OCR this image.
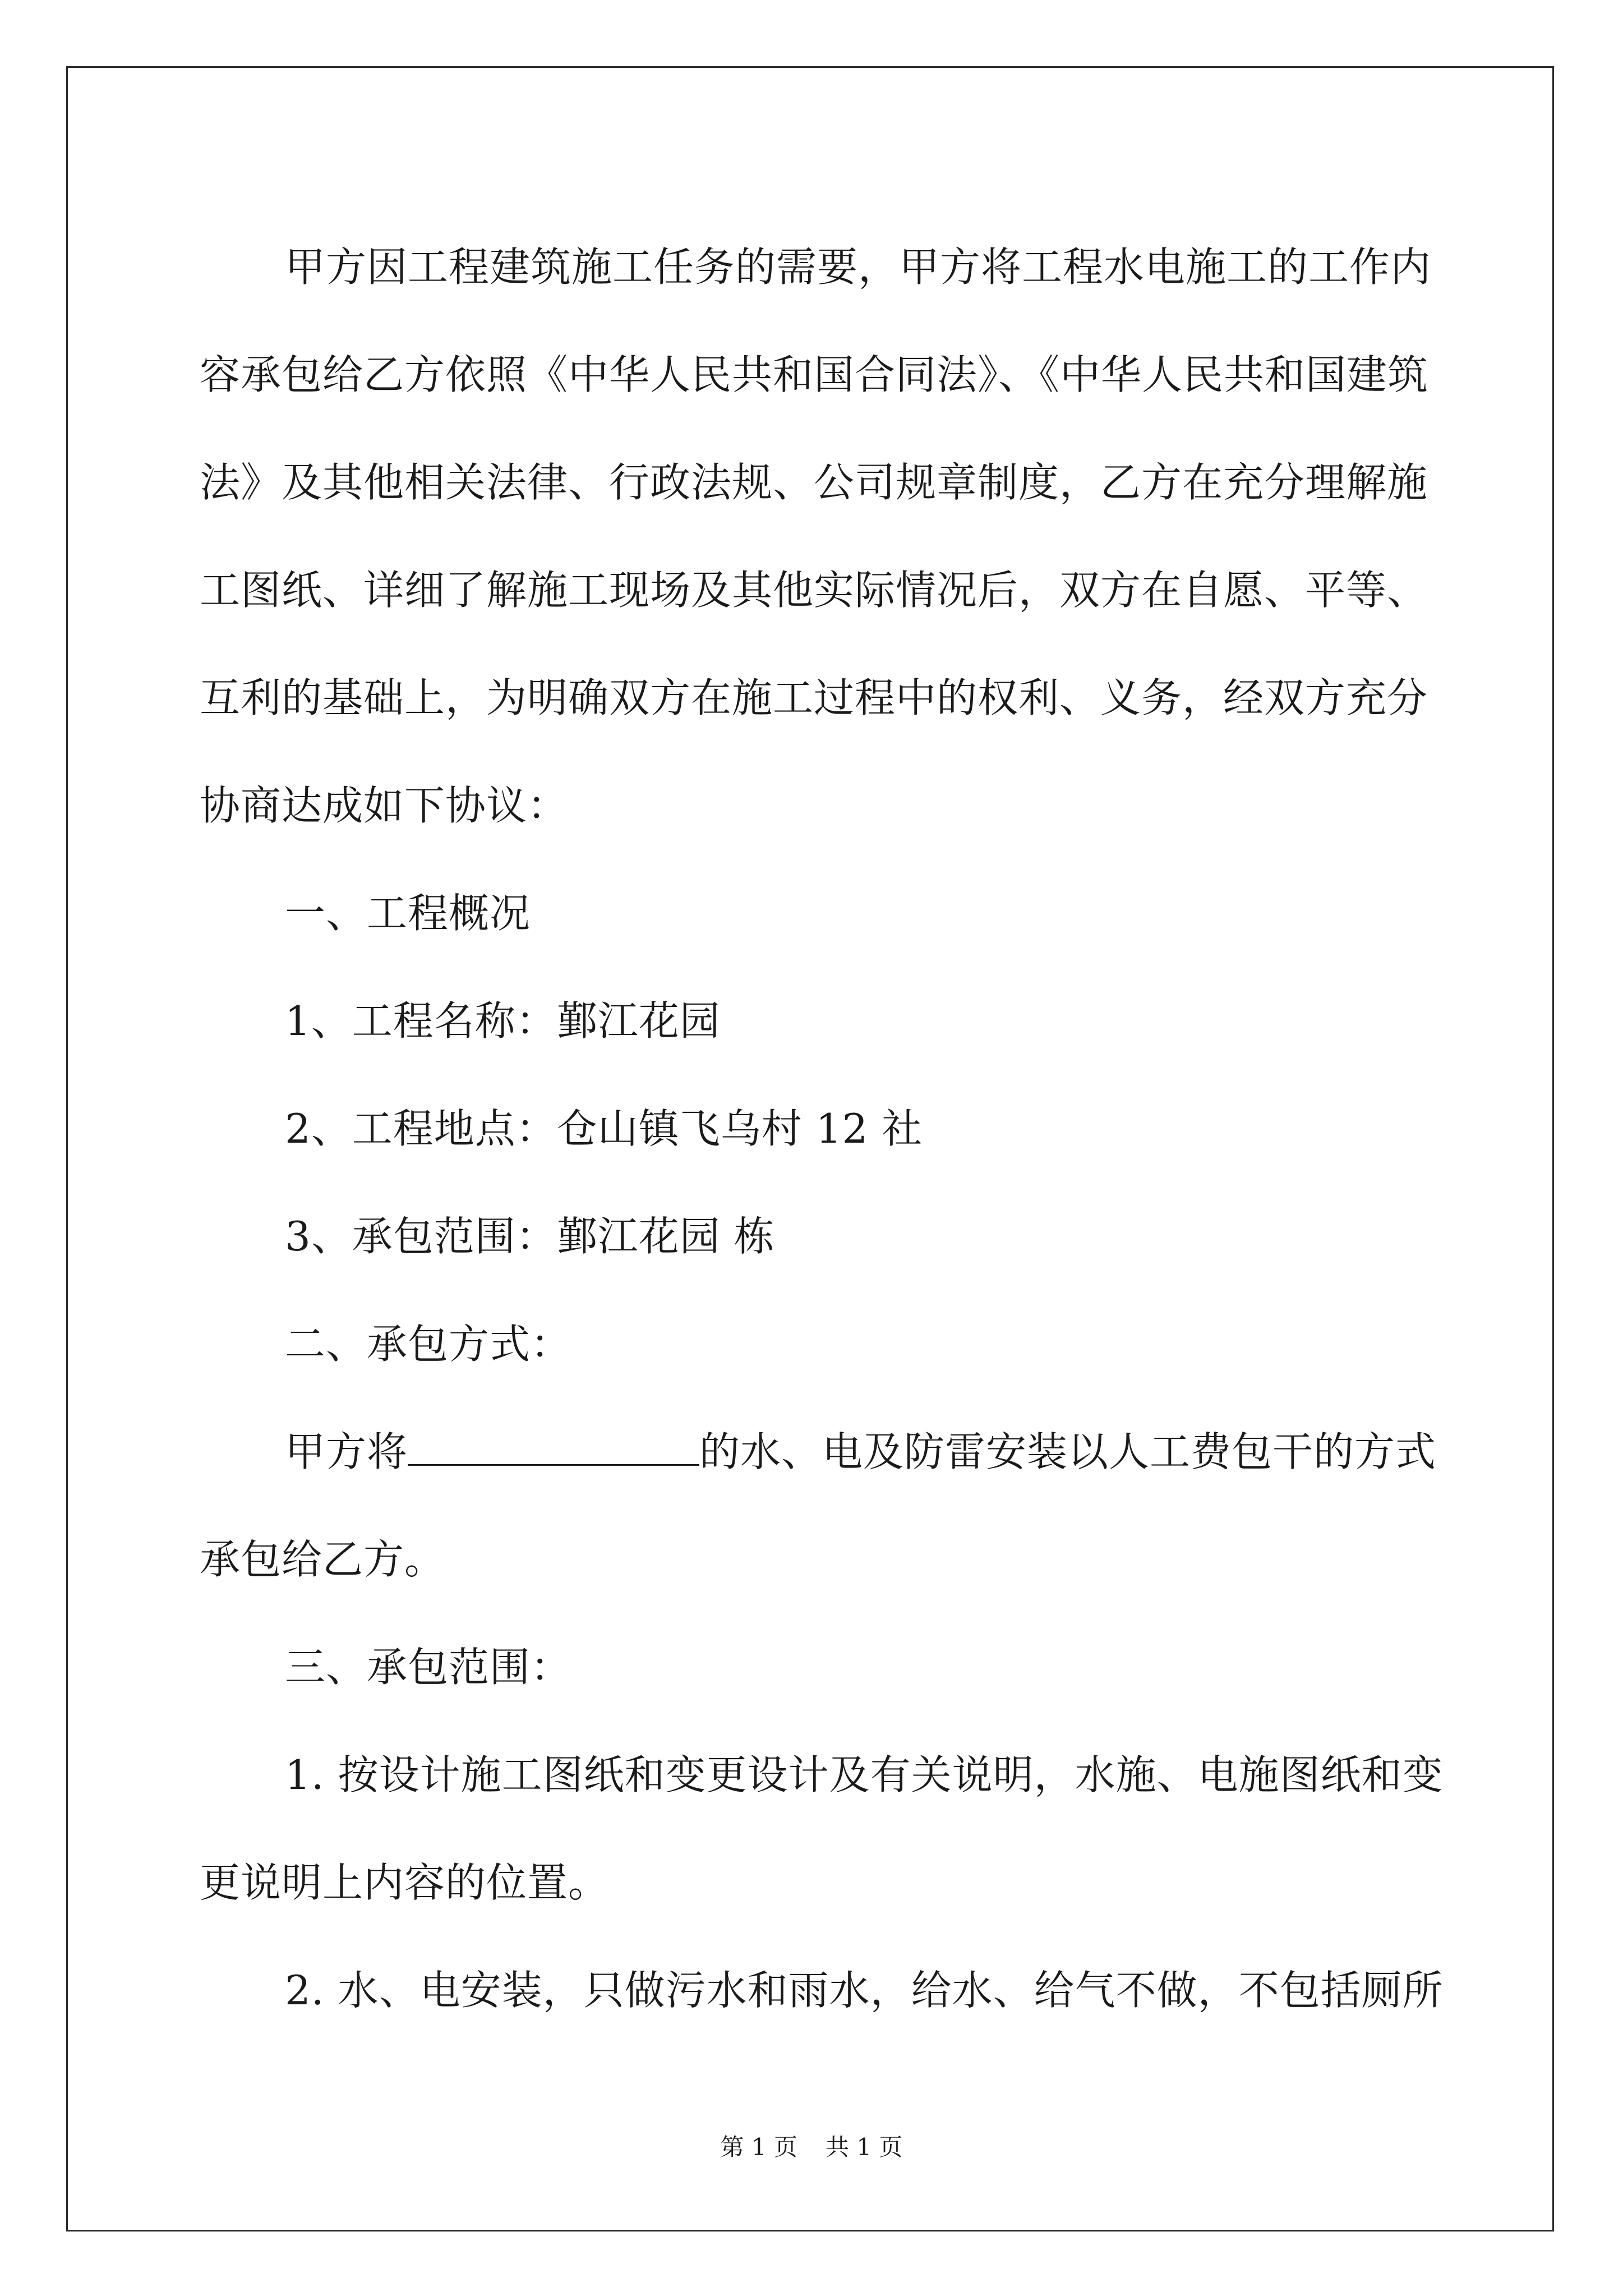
甲方因工程建筑施工任务的需要，甲方将工程水电施工的工作内
容承包给乙方依照《中华人民共和国合同法》、《中华人民共和国建筑
法》及其他相关法律、行政法规、公司规章制度，乙方在充分理解施
工图纸、详细了解施工现场及其他实际情况后，双方在自愿、平等、
互利的基础上，为明确双方在施工过程中的权利、义务，经双方充分
协商达成如下协议：
一、工程概况
1、工程名称：鄞江花园
2、工程地点：仓山镇飞乌村 12 社
3、承包范围：鄞江花园 栋
二、承包方式：
甲方将	的水、电及防雷安装以人工费包干的方式
承包给乙方。
三、承包范围：
1. 按设计施工图纸和变更设计及有关说明，水施、电施图纸和变
更说明上内容的位置。
2. 水、电安装，只做污水和雨水，给水、给气不做，不包括厕所
第 1 页 共 1 页
